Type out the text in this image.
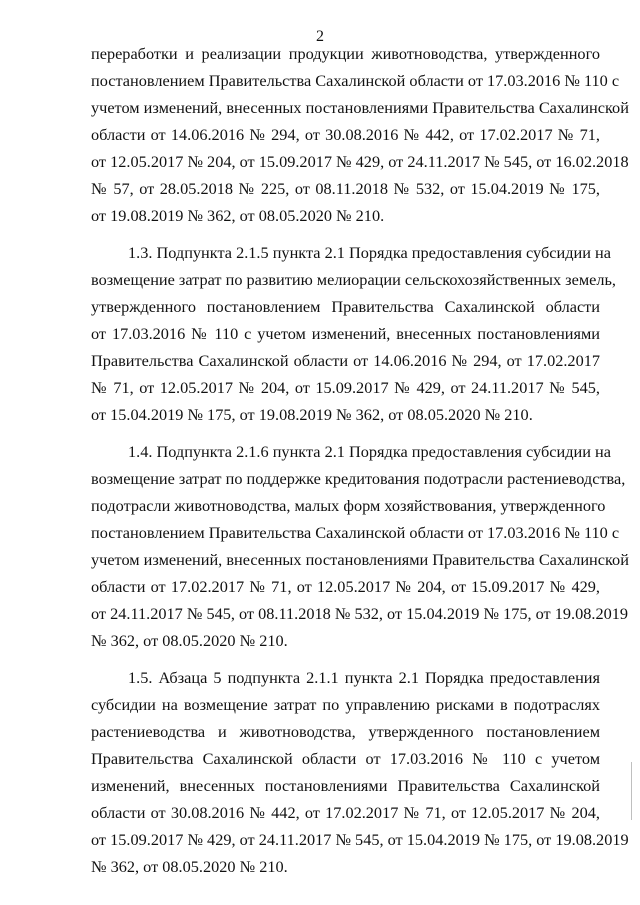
2
переработки и реализации продукции животноводства, утвержденного
постановлением Правительства Сахалинской области от 17.03.2016 № 110 с
учетом изменений, внесенных постановлениями Правительства Сахалинской
области от 14.06.2016 № 294, от 30.08.2016 № 442, от 17.02.2017 № 71,
от 12.05.2017 № 204, от 15.09.2017 № 429, от 24.11.2017 № 545, от 16.02.2018
№ 57, от 28.05.2018 № 225, от 08.11.2018 № 532, от 15.04.2019 № 175,
от 19.08.2019 № 362, от 08.05.2020 № 210.
1.3. Подпункта 2.1.5 пункта 2.1 Порядка предоставления субсидии на
возмещение затрат по развитию мелиорации сельскохозяйственных земель,
утвержденного постановлением Правительства Сахалинской области
от 17.03.2016 № 110 с учетом изменений, внесенных постановлениями
Правительства Сахалинской области от 14.06.2016 № 294, от 17.02.2017
№ 71, от 12.05.2017 № 204, от 15.09.2017 № 429, от 24.11.2017 № 545,
от 15.04.2019 № 175, от 19.08.2019 № 362, от 08.05.2020 № 210.
1.4. Подпункта 2.1.6 пункта 2.1 Порядка предоставления субсидии на
возмещение затрат по поддержке кредитования подотрасли растениеводства,
подотрасли животноводства, малых форм хозяйствования, утвержденного
постановлением Правительства Сахалинской области от 17.03.2016 № 110 с
учетом изменений, внесенных постановлениями Правительства Сахалинской
области от 17.02.2017 № 71, от 12.05.2017 № 204, от 15.09.2017 № 429,
от 24.11.2017 № 545, от 08.11.2018 № 532, от 15.04.2019 № 175, от 19.08.2019
№ 362, от 08.05.2020 № 210.
1.5. Абзаца 5 подпункта 2.1.1 пункта 2.1 Порядка предоставления
субсидии на возмещение затрат по управлению рисками в подотраслях
растениеводства и животноводства, утвержденного постановлением
Правительства Сахалинской области от 17.03.2016 № 110 с учетом
изменений, внесенных постановлениями Правительства Сахалинской
области от 30.08.2016 № 442, от 17.02.2017 № 71, от 12.05.2017 № 204,
от 15.09.2017 № 429, от 24.11.2017 № 545, от 15.04.2019 № 175, от 19.08.2019
№ 362, от 08.05.2020 № 210.
